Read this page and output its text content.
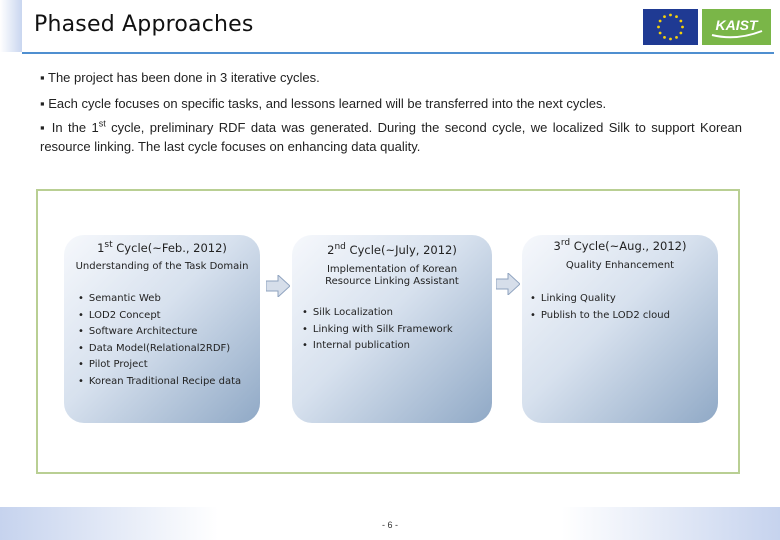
Phased Approaches	KAIST
▪ The project has been done in 3 iterative cycles.
▪ Each cycle focuses on specific tasks, and lessons learned will be transferred into the next cycles.
▪ In the 1st cycle, preliminary RDF data was generated. During the second cycle, we localized Silk to support Korean resource linking. The last cycle focuses on enhancing data quality.
1st Cycle(~Feb., 2012)
Understanding of the Task Domain
• Semantic Web
• LOD2 Concept
• Software Architecture
• Data Model(Relational2RDF)
• Pilot Project
• Korean Traditional Recipe data
2nd Cycle(~July, 2012)
Implementation of Korean
Resource Linking Assistant
• Silk Localization
• Linking with Silk Framework
• Internal publication
3rd Cycle(~Aug., 2012)
Quality Enhancement
• Linking Quality
• Publish to the LOD2 cloud
- 6 -
